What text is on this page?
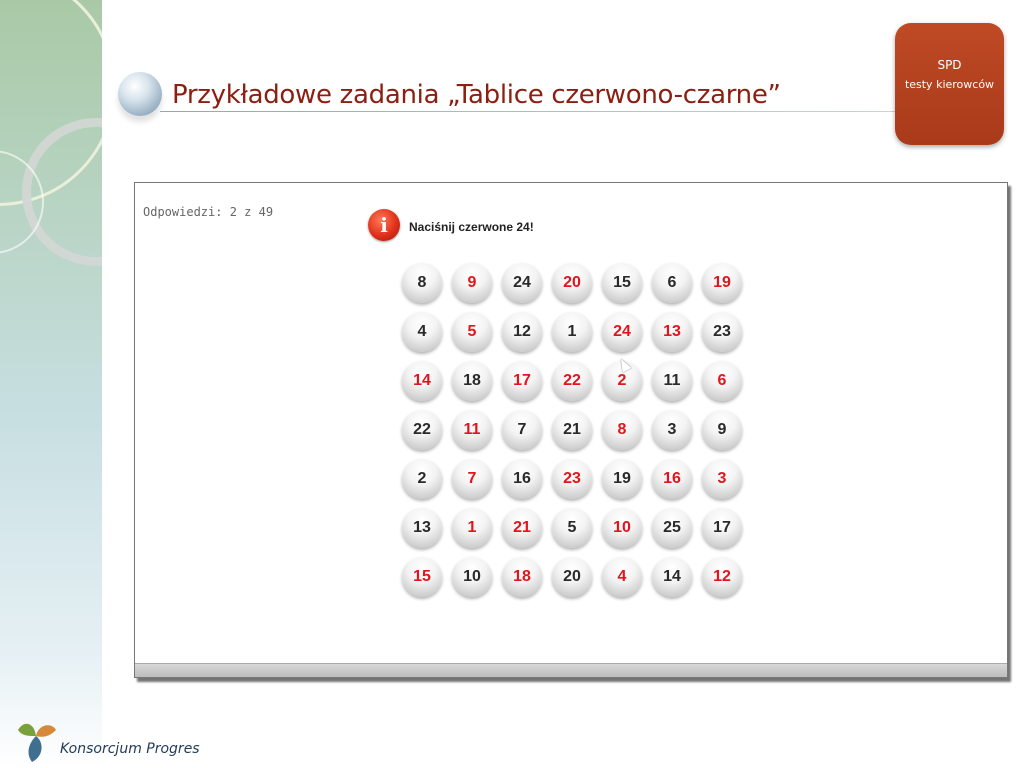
Przykładowe zadania „Tablice czerwono-czarne”
SPD
testy kierowców
Odpowiedzi: 2 z 49
i	Naciśnij czerwone 24!
8	9	24	20	15	6	19
4	5	12	1	24	13	23
14	18	17	22	2	11	6
22	11	7	21	8	3	9
2	7	16	23	19	16	3
13	1	21	5	10	25	17
15	10	18	20	4	14	12
Konsorcjum Progres
